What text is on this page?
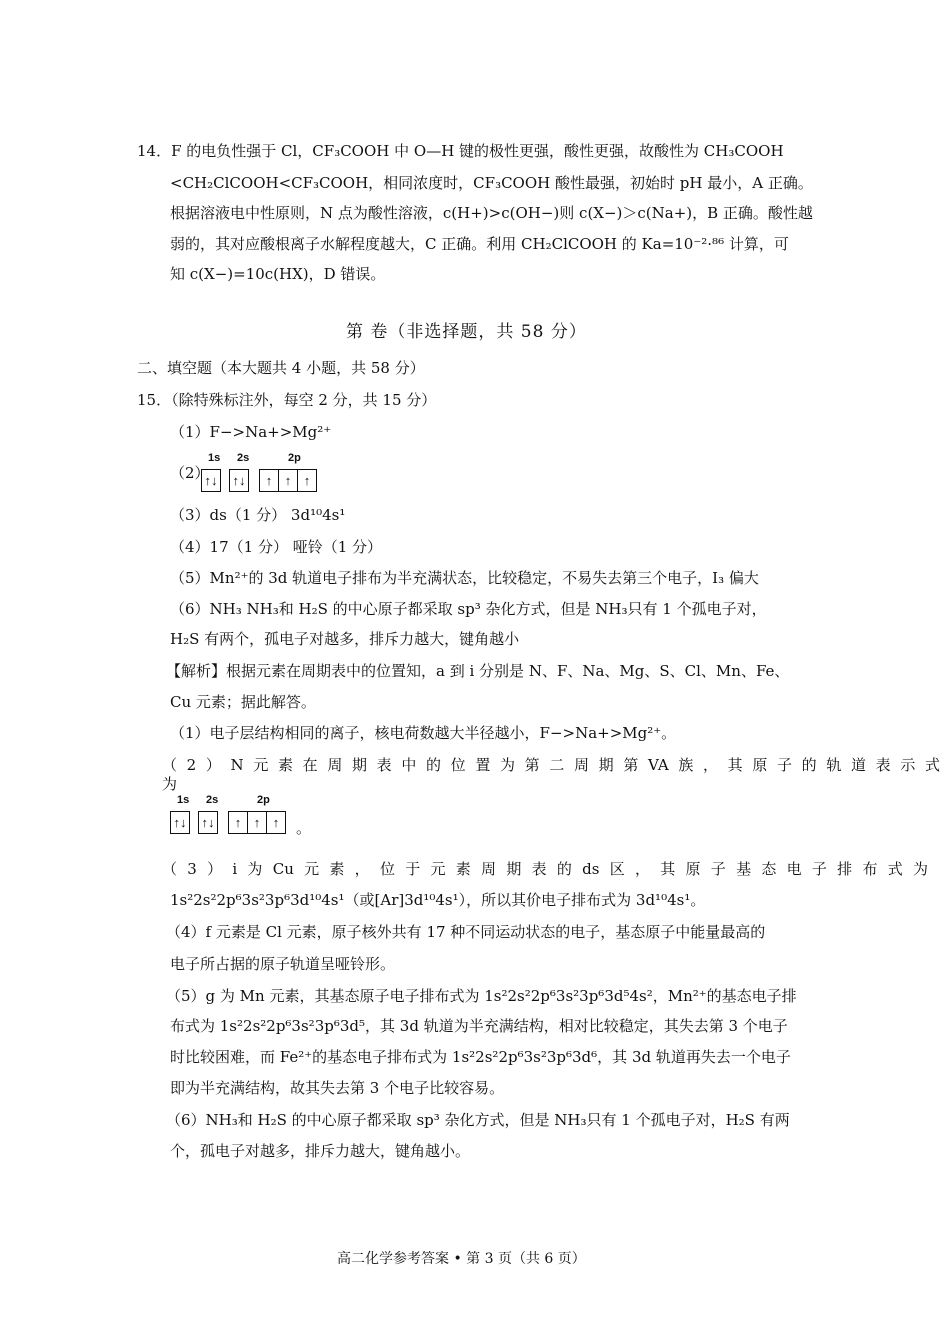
14．F 的电负性强于 Cl，CF₃COOH 中 O—H 键的极性更强，酸性更强，故酸性为 CH₃COOH
<CH₂ClCOOH<CF₃COOH，相同浓度时，CF₃COOH 酸性最强，初始时 pH 最小，A 正确。
根据溶液电中性原则，N 点为酸性溶液，c(H+)>c(OH−)则 c(X−)＞c(Na+)，B 正确。酸性越
弱的，其对应酸根离子水解程度越大，C 正确。利用 CH₂ClCOOH 的 Ka=10⁻²·⁸⁶ 计算，可
知 c(X−)=10c(HX)，D 错误。
第 卷（非选择题，共 58 分）
二、填空题（本大题共 4 小题，共 58 分）
15．（除特殊标注外，每空 2 分，共 15 分）
（1）F−>Na+>Mg²⁺
（2）
1s 2s	2p
↑↓ ↑↓	↑ ↑ ↑
（3）ds（1 分） 3d¹⁰4s¹
（4）17（1 分） 哑铃（1 分）
（5）Mn²⁺的 3d 轨道电子排布为半充满状态，比较稳定，不易失去第三个电子，I₃ 偏大
（6）NH₃ NH₃和 H₂S 的中心原子都采取 sp³ 杂化方式，但是 NH₃只有 1 个孤电子对，
H₂S 有两个，孤电子对越多，排斥力越大，键角越小
【解析】根据元素在周期表中的位置知，a 到 i 分别是 N、F、Na、Mg、S、Cl、Mn、Fe、
Cu 元素；据此解答。
（1）电子层结构相同的离子，核电荷数越大半径越小，F−>Na+>Mg²⁺。
（2）N元素在周期表中的位置为第二周期第VA族，其原子的轨道表示式
为
1s 2s	2p
↑↓ ↑↓	↑ ↑ ↑	。
（3）i为Cu元素，位于元素周期表的ds区，其原子基态电子排布式为
1s²2s²2p⁶3s²3p⁶3d¹⁰4s¹（或[Ar]3d¹⁰4s¹），所以其价电子排布式为 3d¹⁰4s¹。
（4）f 元素是 Cl 元素，原子核外共有 17 种不同运动状态的电子，基态原子中能量最高的
电子所占据的原子轨道呈哑铃形。
（5）g 为 Mn 元素，其基态原子电子排布式为 1s²2s²2p⁶3s²3p⁶3d⁵4s²，Mn²⁺的基态电子排
布式为 1s²2s²2p⁶3s²3p⁶3d⁵，其 3d 轨道为半充满结构，相对比较稳定，其失去第 3 个电子
时比较困难，而 Fe²⁺的基态电子排布式为 1s²2s²2p⁶3s²3p⁶3d⁶，其 3d 轨道再失去一个电子
即为半充满结构，故其失去第 3 个电子比较容易。
（6）NH₃和 H₂S 的中心原子都采取 sp³ 杂化方式，但是 NH₃只有 1 个孤电子对，H₂S 有两
个，孤电子对越多，排斥力越大，键角越小。
高二化学参考答案 • 第 3 页（共 6 页）
